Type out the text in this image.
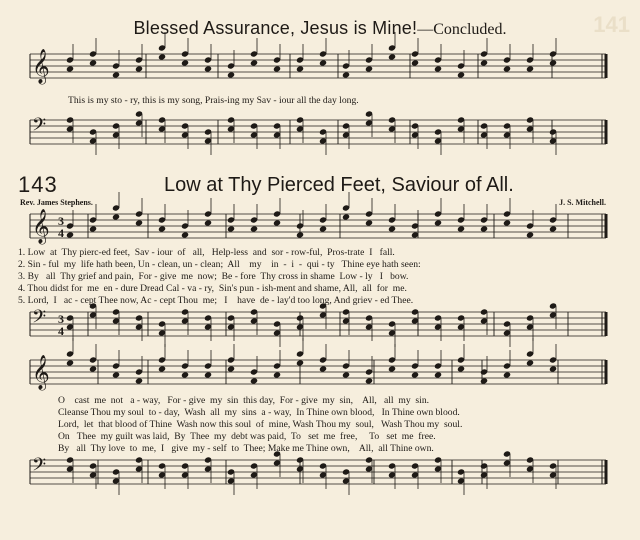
Blessed Assurance, Jesus is Mine!—Concluded.	141
𝄞
𝄢
𝄞
𝄢
𝄞
𝄢
3
4
3
4
This is my sto - ry, this is my song, Prais-ing my Sav - iour all the day long.
143	Low at Thy Pierced Feet, Saviour of All.
Rev. James Stephens.	J. S. Mitchell.
1. Low  at  Thy pierc-ed feet,  Sav - iour  of   all,   Help-less  and  sor - row-ful,  Pros-trate  I   fall.
2. Sin - ful  my  life hath been, Un - clean, un - clean;  All    my    in  -  i  -  qui - ty   Thine eye hath seen:
3. By   all  Thy grief and pain,  For - give  me  now;  Be - fore  Thy cross in shame  Low - ly   I   bow.
4. Thou didst for  me  en - dure Dread Cal - va - ry,  Sin's pun - ish-ment and shame, All,  all  for  me.
5. Lord,  I   ac - cept Thee now, Ac - cept Thou  me;   I    have  de - lay'd too long, And griev - ed Thee.
O    cast  me  not   a - way,   For - give  my  sin  this day,  For - give  my  sin,    All,   all  my  sin.
Cleanse Thou my soul  to - day,  Wash  all  my  sins  a - way,  In Thine own blood,   In Thine own blood.
Lord,  let  that blood of Thine  Wash now this soul  of  mine, Wash Thou my  soul,   Wash Thou my  soul.
On   Thee  my guilt was laid,  By  Thee  my  debt was paid,  To   set  me  free,     To   set  me  free.
By   all  Thy love  to  me,  I   give  my - self  to  Thee; Make me Thine own,    All,  all Thine own.
